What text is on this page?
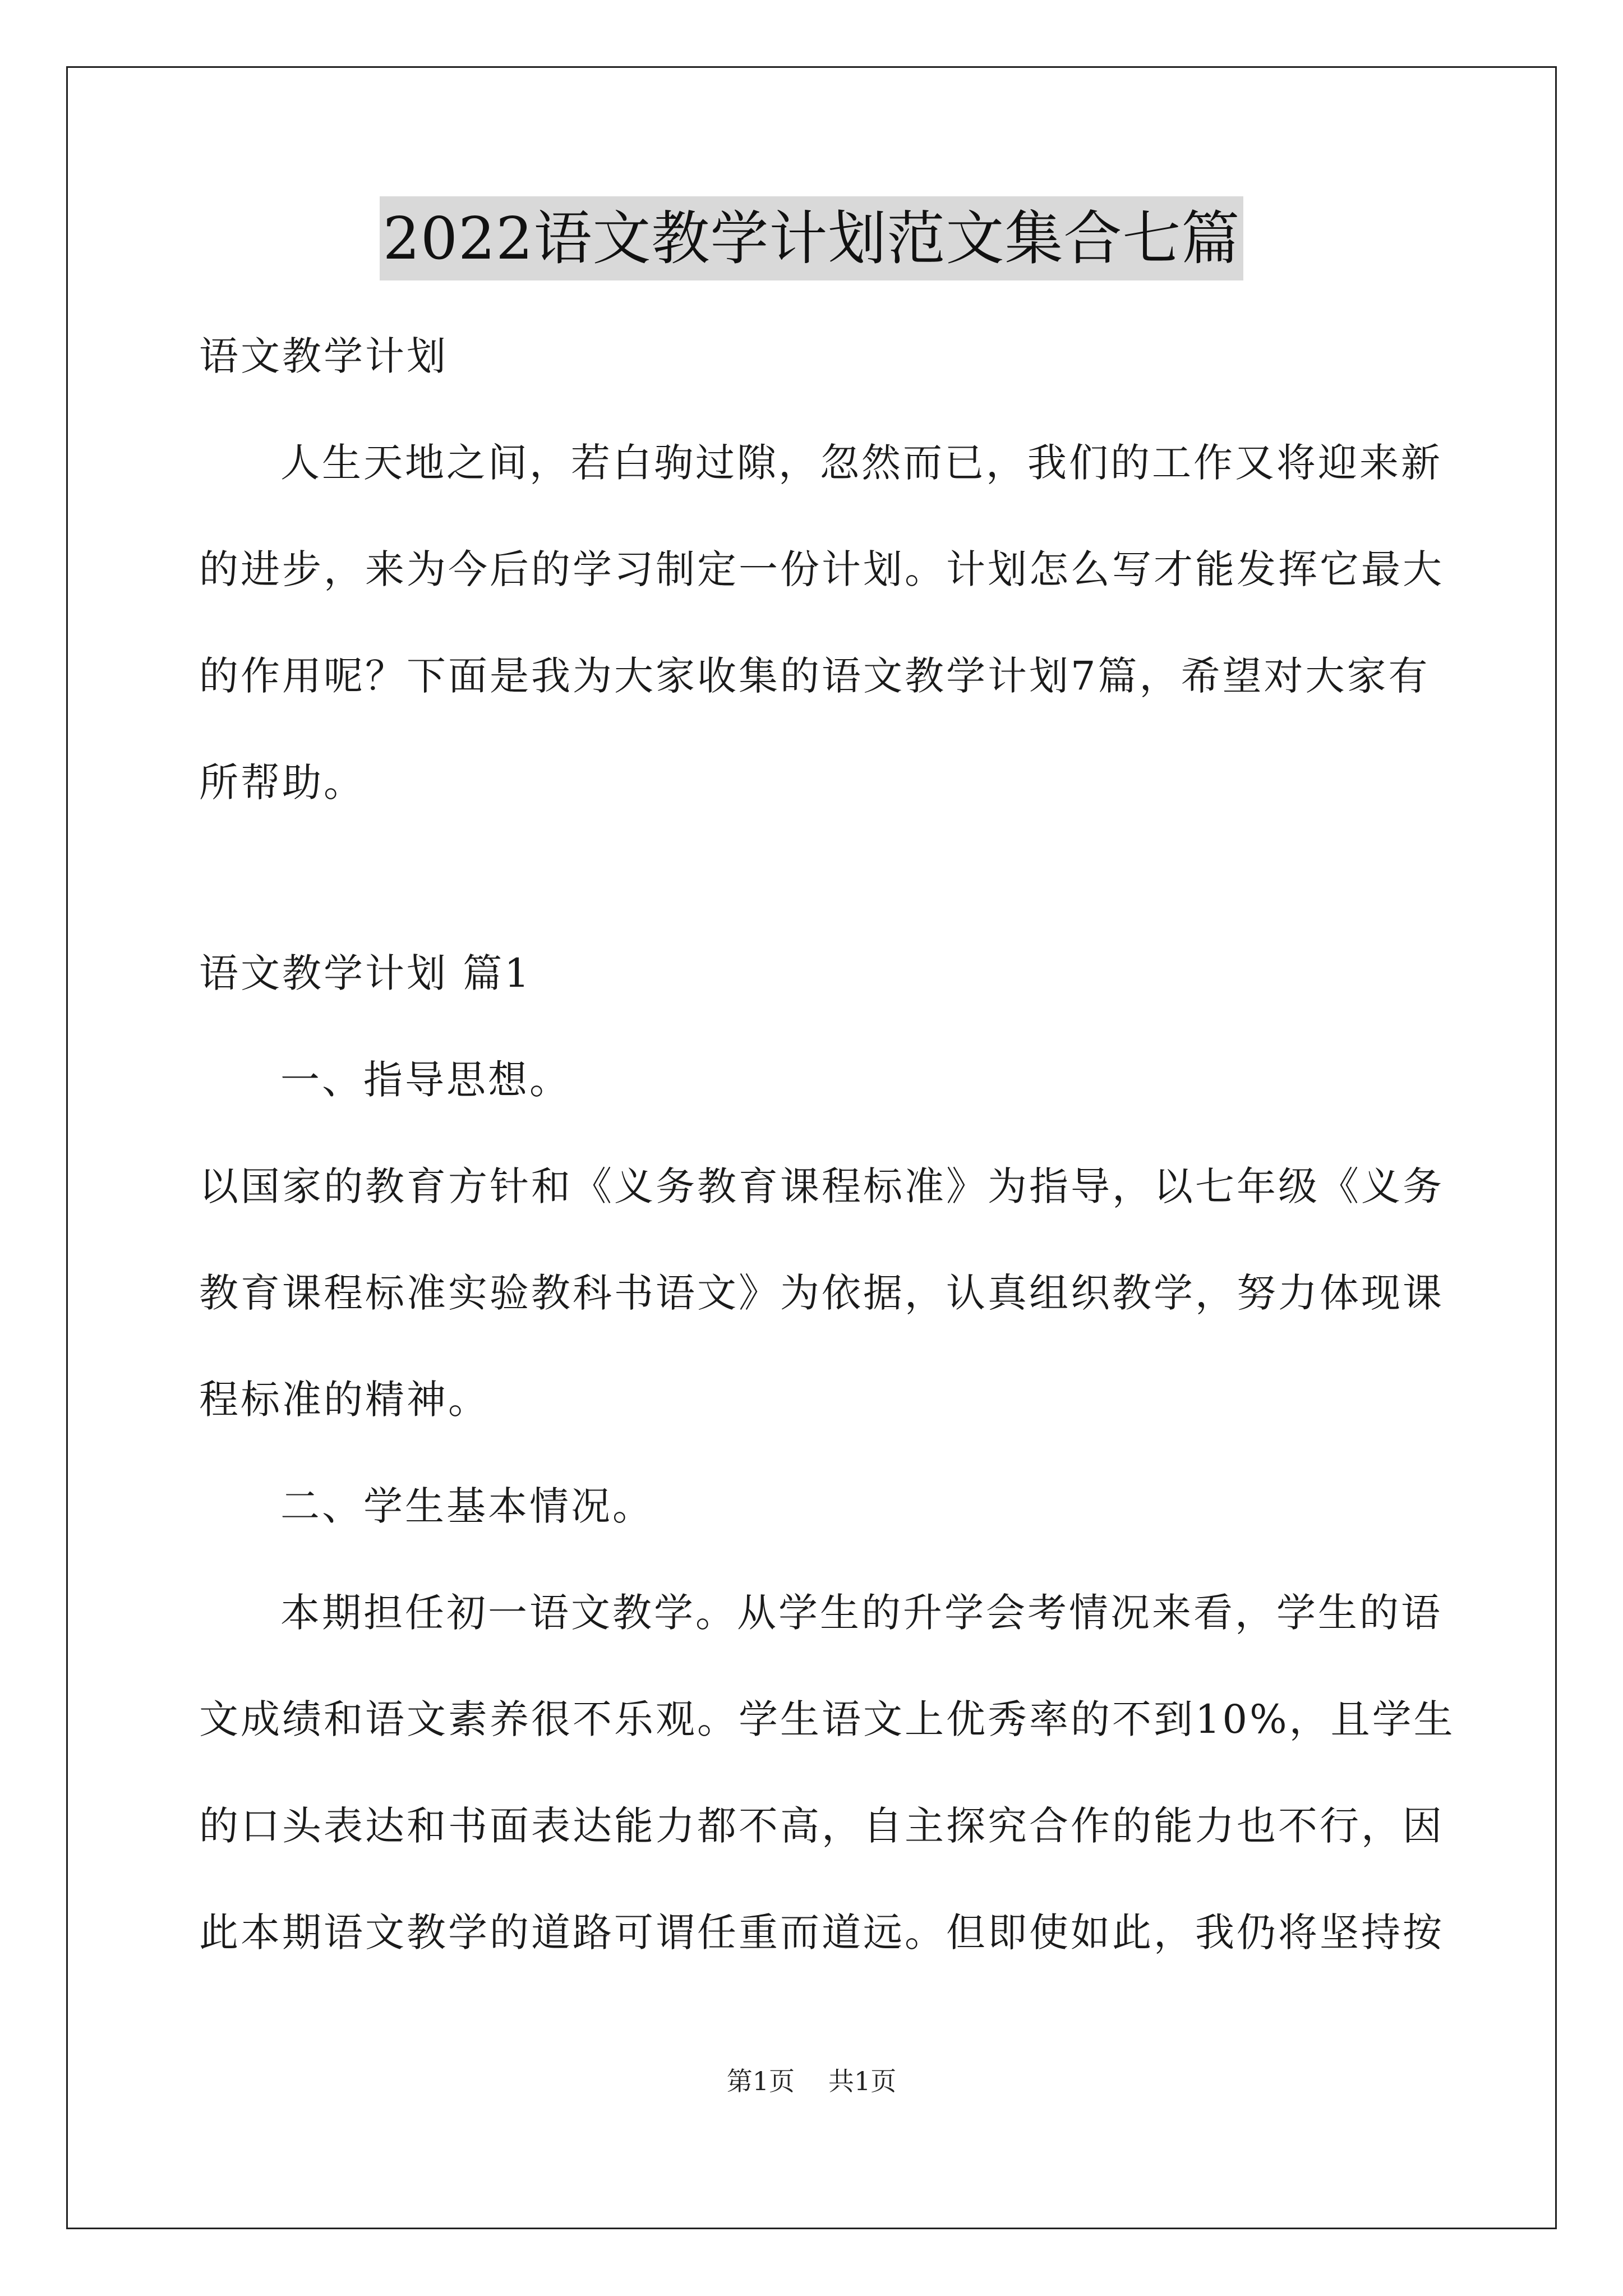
2022语文教学计划范文集合七篇
语文教学计划
人生天地之间，若白驹过隙，忽然而已，我们的工作又将迎来新
的进步，来为今后的学习制定一份计划。计划怎么写才能发挥它最大
的作用呢？下面是我为大家收集的语文教学计划7篇，希望对大家有
所帮助。
语文教学计划 篇1
一、指导思想。
以国家的教育方针和《义务教育课程标准》为指导，以七年级《义务
教育课程标准实验教科书语文》为依据，认真组织教学，努力体现课
程标准的精神。
二、学生基本情况。
本期担任初一语文教学。从学生的升学会考情况来看，学生的语
文成绩和语文素养很不乐观。学生语文上优秀率的不到10%，且学生
的口头表达和书面表达能力都不高，自主探究合作的能力也不行，因
此本期语文教学的道路可谓任重而道远。但即使如此，我仍将坚持按
第1页 共1页
